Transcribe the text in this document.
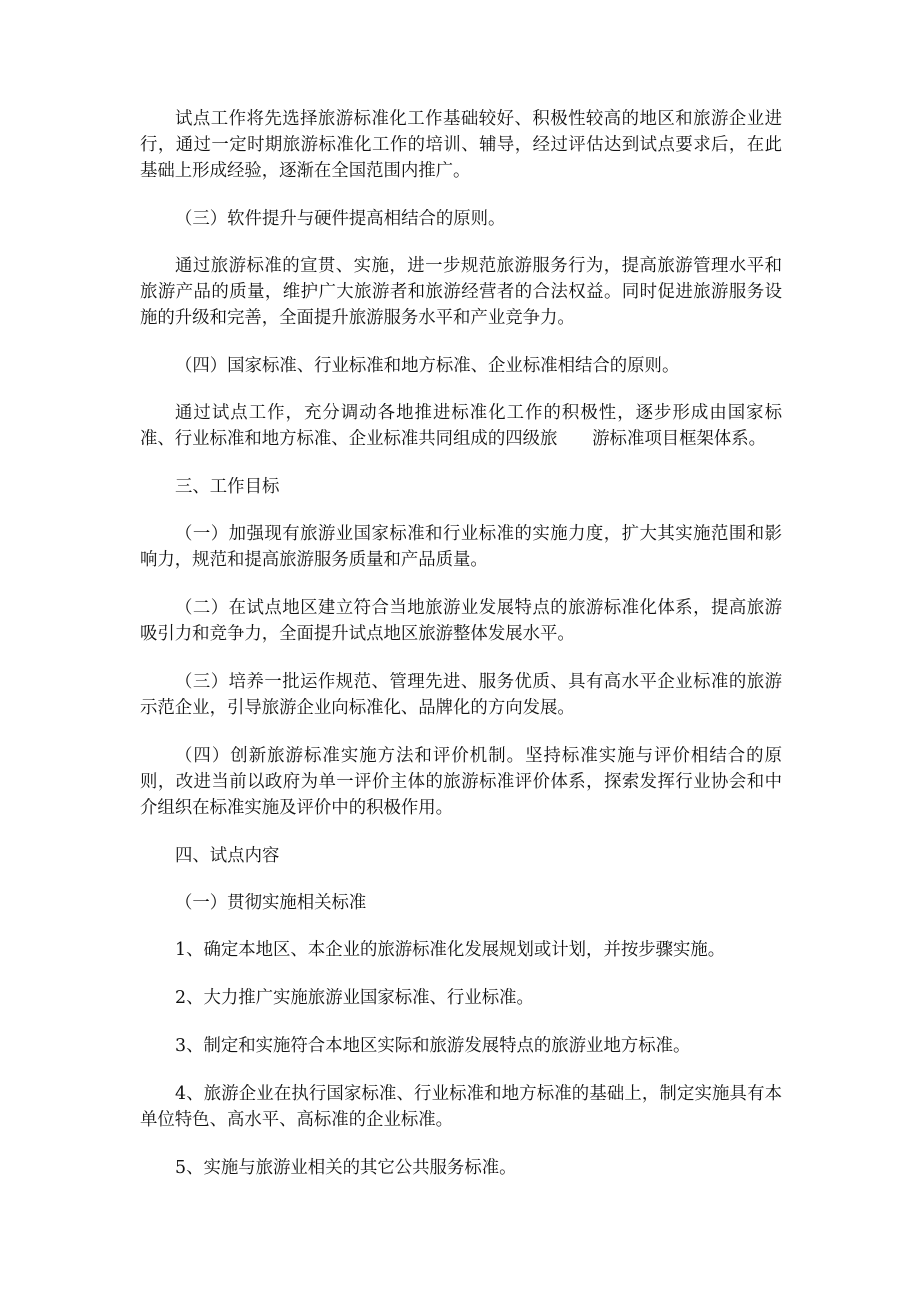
试点工作将先选择旅游标准化工作基础较好、积极性较高的地区和旅游企业进行，通过一定时期旅游标准化工作的培训、辅导，经过评估达到试点要求后，在此基础上形成经验，逐渐在全国范围内推广。

（三）软件提升与硬件提高相结合的原则。

通过旅游标准的宣贯、实施，进一步规范旅游服务行为，提高旅游管理水平和旅游产品的质量，维护广大旅游者和旅游经营者的合法权益。同时促进旅游服务设施的升级和完善，全面提升旅游服务水平和产业竞争力。

（四）国家标准、行业标准和地方标准、企业标准相结合的原则。

通过试点工作，充分调动各地推进标准化工作的积极性，逐步形成由国家标准、行业标准和地方标准、企业标准共同组成的四级旅　　游标准项目框架体系。

三、工作目标

（一）加强现有旅游业国家标准和行业标准的实施力度，扩大其实施范围和影响力，规范和提高旅游服务质量和产品质量。

（二）在试点地区建立符合当地旅游业发展特点的旅游标准化体系，提高旅游吸引力和竞争力，全面提升试点地区旅游整体发展水平。

（三）培养一批运作规范、管理先进、服务优质、具有高水平企业标准的旅游示范企业，引导旅游企业向标准化、品牌化的方向发展。

（四）创新旅游标准实施方法和评价机制。坚持标准实施与评价相结合的原则，改进当前以政府为单一评价主体的旅游标准评价体系，探索发挥行业协会和中介组织在标准实施及评价中的积极作用。

四、试点内容

（一）贯彻实施相关标准

1、确定本地区、本企业的旅游标准化发展规划或计划，并按步骤实施。

2、大力推广实施旅游业国家标准、行业标准。

3、制定和实施符合本地区实际和旅游发展特点的旅游业地方标准。

4、旅游企业在执行国家标准、行业标准和地方标准的基础上，制定实施具有本单位特色、高水平、高标准的企业标准。

5、实施与旅游业相关的其它公共服务标准。
